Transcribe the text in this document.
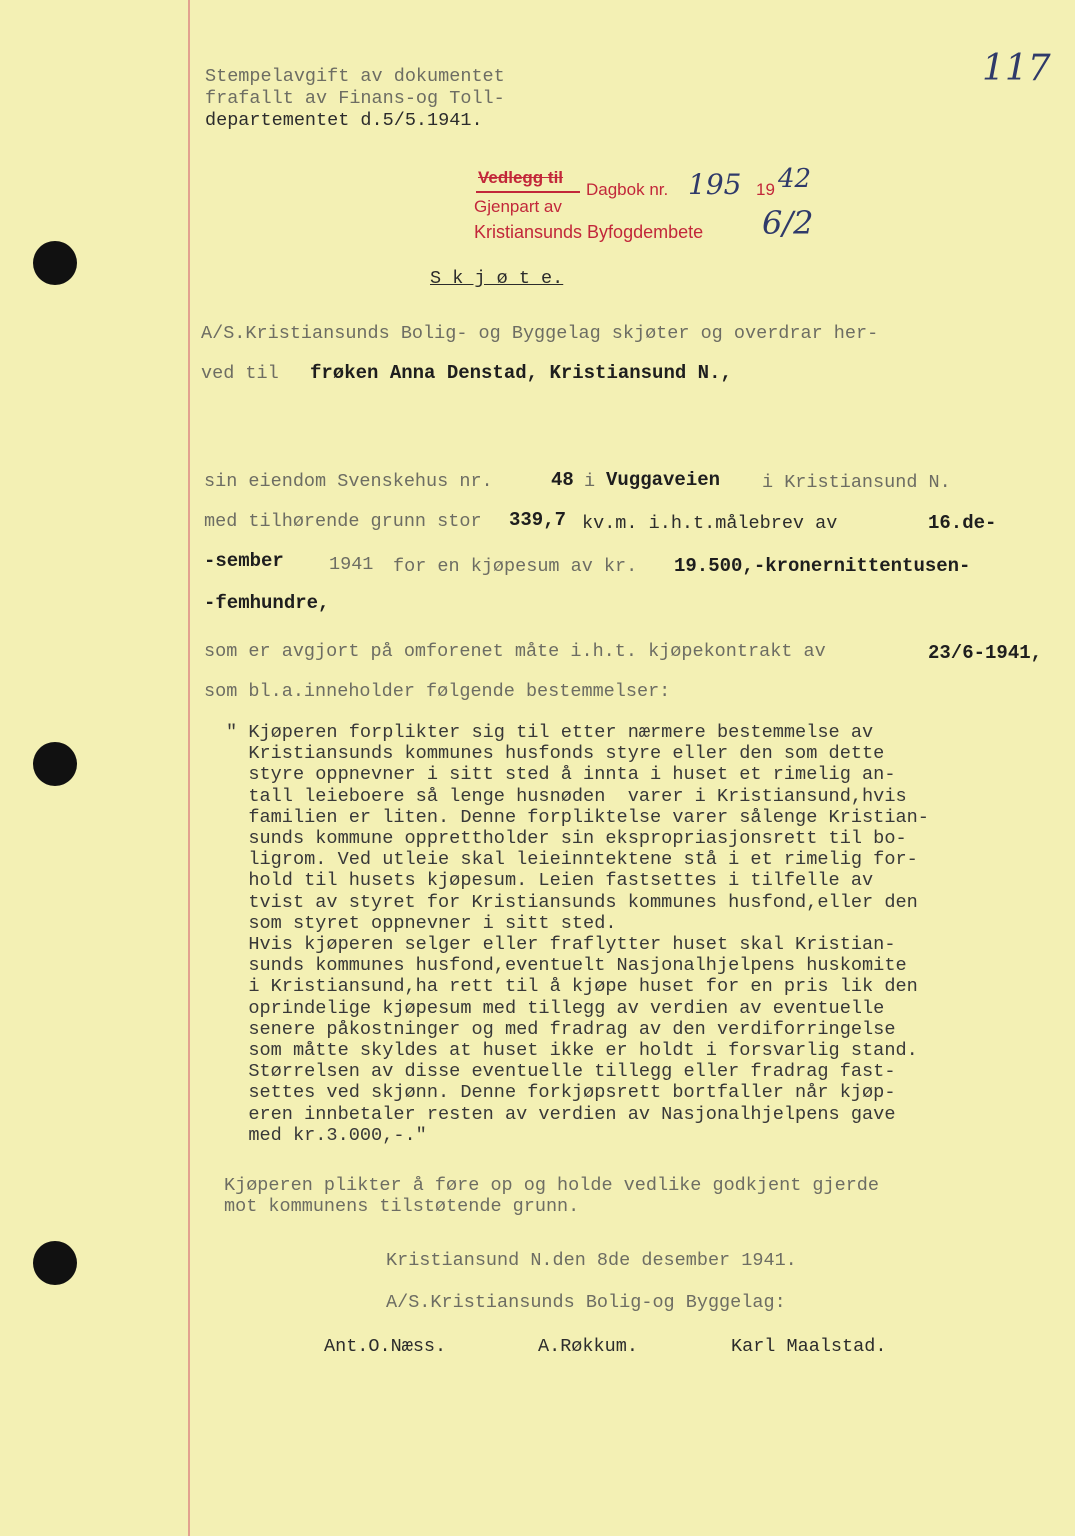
117
Stempelavgift av dokumentet
frafallt av Finans-og Toll-
departementet d.5/5.1941.
Vedlegg til
Dagbok nr. 195 19 42
Gjenpart av
Kristiansunds Byfogdembete 6/2
S k j ø t e.
A/S.Kristiansunds Bolig- og Byggelag skjøter og overdrar her-
ved til frøken Anna Denstad, Kristiansund N.,
sin eiendom Svenskehus nr.	48 i Vuggaveien i Kristiansund N.
med tilhørende grunn stor 339,7 kv.m. i.h.t.målebrev av	16.de-
-sember 1941 for en kjøpesum av kr. 19.500,-kronernittentusen-
-femhundre,
som er avgjort på omforenet måte i.h.t. kjøpekontrakt av	23/6-1941,
som bl.a.inneholder følgende bestemmelser:
" Kjøperen forplikter sig til etter nærmere bestemmelse av
Kristiansunds kommunes husfonds styre eller den som dette
styre oppnevner i sitt sted å innta i huset et rimelig an-
tall leieboere så lenge husnøden  varer i Kristiansund,hvis
familien er liten. Denne forpliktelse varer sålenge Kristian-
sunds kommune opprettholder sin ekspropriasjonsrett til bo-
ligrom. Ved utleie skal leieinntektene stå i et rimelig for-
hold til husets kjøpesum. Leien fastsettes i tilfelle av
tvist av styret for Kristiansunds kommunes husfond,eller den
som styret oppnevner i sitt sted.
Hvis kjøperen selger eller fraflytter huset skal Kristian-
sunds kommunes husfond,eventuelt Nasjonalhjelpens huskomite
i Kristiansund,ha rett til å kjøpe huset for en pris lik den
oprindelige kjøpesum med tillegg av verdien av eventuelle
senere påkostninger og med fradrag av den verdiforringelse
som måtte skyldes at huset ikke er holdt i forsvarlig stand.
Størrelsen av disse eventuelle tillegg eller fradrag fast-
settes ved skjønn. Denne forkjøpsrett bortfaller når kjøp-
eren innbetaler resten av verdien av Nasjonalhjelpens gave
med kr.3.000,-."
Kjøperen plikter å føre op og holde vedlike godkjent gjerde
mot kommunens tilstøtende grunn.
Kristiansund N.den 8de desember 1941.
A/S.Kristiansunds Bolig-og Byggelag:
Ant.O.Næss.	A.Røkkum.	Karl Maalstad.
